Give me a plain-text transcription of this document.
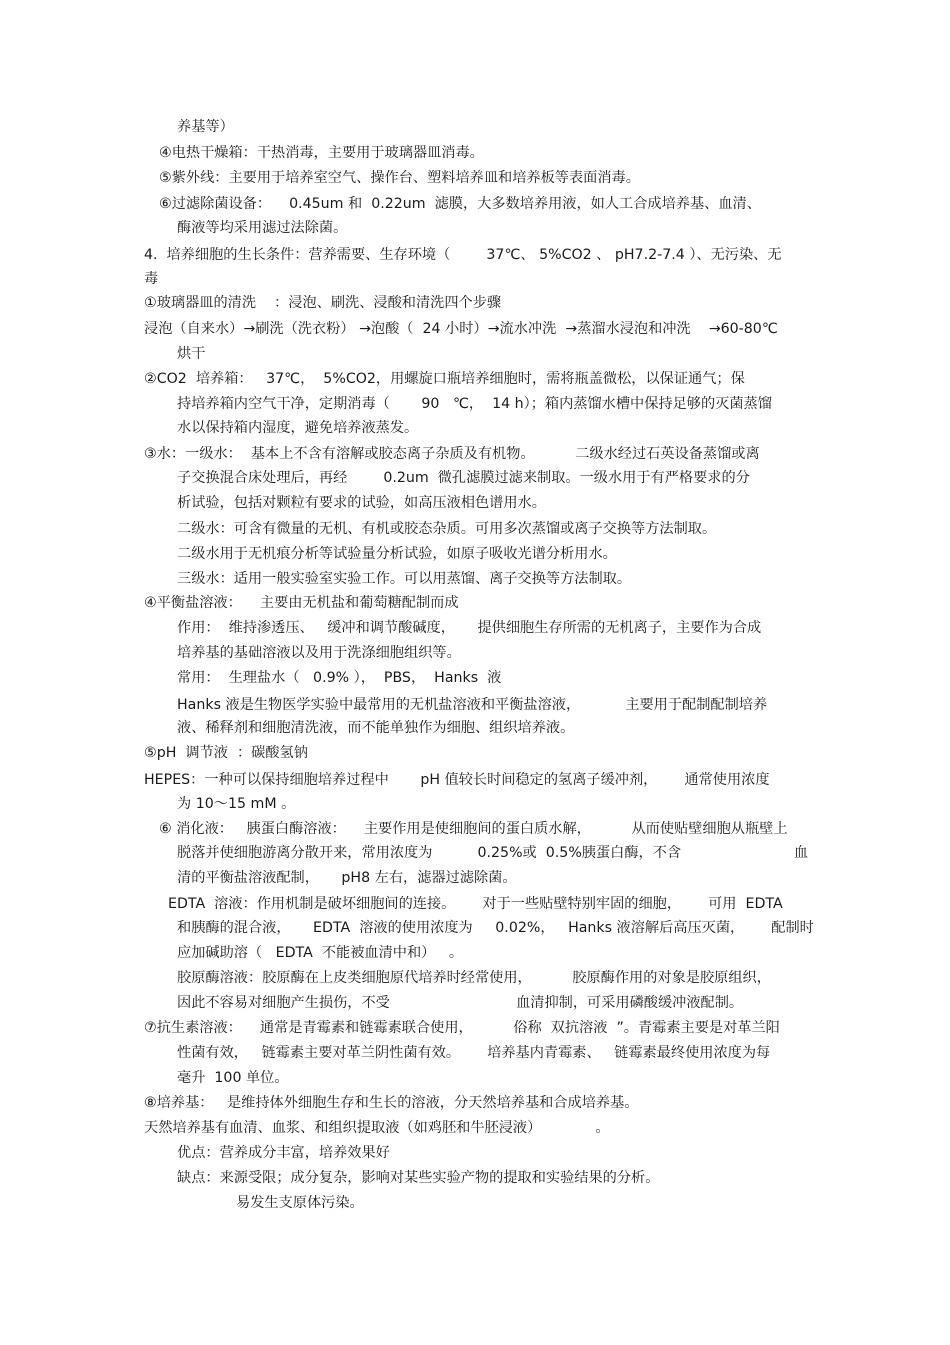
养基等）
④电热干燥箱：干热消毒，主要用于玻璃器皿消毒。
⑤紫外线：主要用于培养室空气、操作台、塑料培养皿和培养板等表面消毒。
⑥过滤除菌设备：    0.45um 和  0.22um  滤膜，大多数培养用液，如人工合成培养基、血清、
酶液等均采用滤过法除菌。
4.  培养细胞的生长条件：营养需要、生存环境（        37℃、 5%CO2 、 pH7.2-7.4 ）、无污染、无
毒
①玻璃器皿的清洗    ：浸泡、刷洗、浸酸和清洗四个步骤
浸泡（自来水）→刷洗（洗衣粉） →泡酸（  24 小时）→流水冲洗  →蒸溜水浸泡和冲洗    →60-80℃
烘干
②CO2  培养箱：   37℃，  5%CO2，用螺旋口瓶培养细胞时，需将瓶盖微松，以保证通气；保
持培养箱内空气干净，定期消毒（       90   ℃，  14 h）；箱内蒸馏水槽中保持足够的灭菌蒸馏
水以保持箱内湿度，避免培养液蒸发。
③水：一级水：  基本上不含有溶解或胶态离子杂质及有机物。         二级水经过石英设备蒸馏或离
子交换混合床处理后，再经        0.2um  微孔滤膜过滤来制取。一级水用于有严格要求的分
析试验，包括对颗粒有要求的试验，如高压液相色谱用水。
二级水：可含有微量的无机、有机或胶态杂质。可用多次蒸馏或离子交换等方法制取。
二级水用于无机痕分析等试验量分析试验，如原子吸收光谱分析用水。
三级水：适用一般实验室实验工作。可以用蒸馏、离子交换等方法制取。
④平衡盐溶液：    主要由无机盐和葡萄糖配制而成
作用：  维持渗透压、   缓冲和调节酸碱度，     提供细胞生存所需的无机离子，主要作为合成
培养基的基础溶液以及用于洗涤细胞组织等。
常用：  生理盐水（   0.9% ），  PBS，  Hanks  液
Hanks 液是生物医学实验中最常用的无机盐溶液和平衡盐溶液，          主要用于配制配制培养
液、稀释剂和细胞清洗液，而不能单独作为细胞、组织培养液。
⑤pH  调节液  ：碳酸氢钠
HEPES：一种可以保持细胞培养过程中       pH 值较长时间稳定的氢离子缓冲剂，      通常使用浓度
为 10～15 mM 。
⑥ 消化液：   胰蛋白酶溶液：    主要作用是使细胞间的蛋白质水解，         从而使贴壁细胞从瓶壁上
脱落并使细胞游离分散开来，常用浓度为          0.25%或  0.5%胰蛋白酶，不含                         血
清的平衡盐溶液配制，     pH8 左右，滤器过滤除菌。
EDTA  溶液：作用机制是破坏细胞间的连接。      对于一些贴壁特别牢固的细胞，      可用  EDTA
和胰酶的混合液，     EDTA  溶液的使用浓度为     0.02%，   Hanks 液溶解后高压灭菌，      配制时
应加碱助溶（   EDTA  不能被血清中和）   。
胶原酶溶液：胶原酶在上皮类细胞原代培养时经常使用，         胶原酶作用的对象是胶原组织，
因此不容易对细胞产生损伤，不受                            血清抑制，可采用磷酸缓冲液配制。
⑦抗生素溶液：    通常是青霉素和链霉素联合使用，         俗称  双抗溶液  ”。青霉素主要是对革兰阳
性菌有效，   链霉素主要对革兰阴性菌有效。      培养基内青霉素、   链霉素最终使用浓度为每
毫升  100 单位。
⑧培养基：   是维持体外细胞生存和生长的溶液，分天然培养基和合成培养基。
天然培养基有血清、血浆、和组织提取液（如鸡胚和牛胚浸液）            。
优点：营养成分丰富，培养效果好
缺点：来源受限；成分复杂，影响对某些实验产物的提取和实验结果的分析。
易发生支原体污染。
